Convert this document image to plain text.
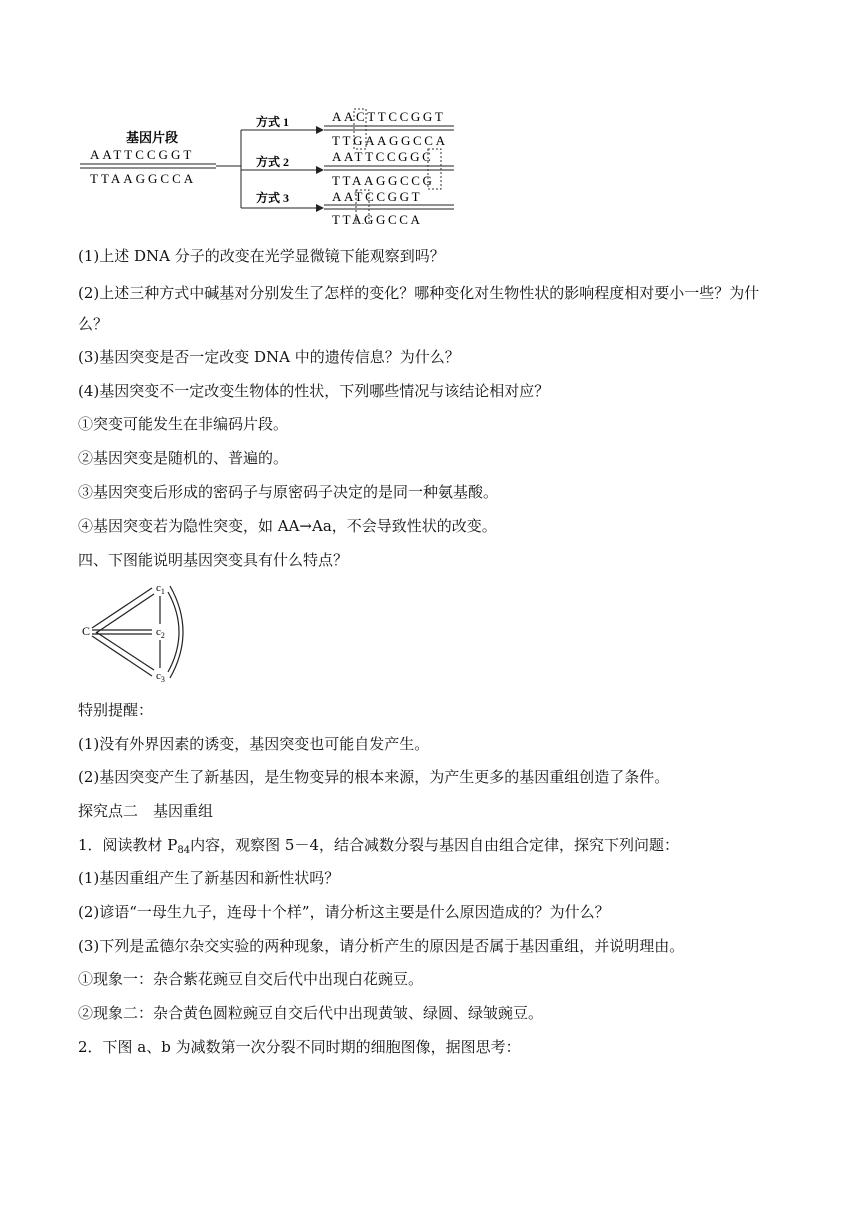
基因片段
AATTCCGGT
TTAAGGCCA
方式 1
方式 2
方式 3
AACTTCCGGT
TTGAAGGCCA
AATTCCGGC
TTAAGGCCG
AATCCGGT
TTAGGCCA
(1)上述 DNA 分子的改变在光学显微镜下能观察到吗？
(2)上述三种方式中碱基对分别发生了怎样的变化？哪种变化对生物性状的影响程度相对要小一些？为什
么？
(3)基因突变是否一定改变 DNA 中的遗传信息？为什么？
(4)基因突变不一定改变生物体的性状，下列哪些情况与该结论相对应？
①突变可能发生在非编码片段。
②基因突变是随机的、普遍的。
③基因突变后形成的密码子与原密码子决定的是同一种氨基酸。
④基因突变若为隐性突变，如 AA→Aa，不会导致性状的改变。
四、下图能说明基因突变具有什么特点？
C
$c_1$
$c_2$
$c_3$
特别提醒：
(1)没有外界因素的诱变，基因突变也可能自发产生。
(2)基因突变产生了新基因，是生物变异的根本来源，为产生更多的基因重组创造了条件。
探究点二　基因重组
1．阅读教材 $P_{84}$内容，观察图 5－4，结合减数分裂与基因自由组合定律，探究下列问题：
(1)基因重组产生了新基因和新性状吗？
(2)谚语“一母生九子，连母十个样”，请分析这主要是什么原因造成的？为什么？
(3)下列是孟德尔杂交实验的两种现象，请分析产生的原因是否属于基因重组，并说明理由。
①现象一：杂合紫花豌豆自交后代中出现白花豌豆。
②现象二：杂合黄色圆粒豌豆自交后代中出现黄皱、绿圆、绿皱豌豆。
2．下图 a、b 为减数第一次分裂不同时期的细胞图像，据图思考：
